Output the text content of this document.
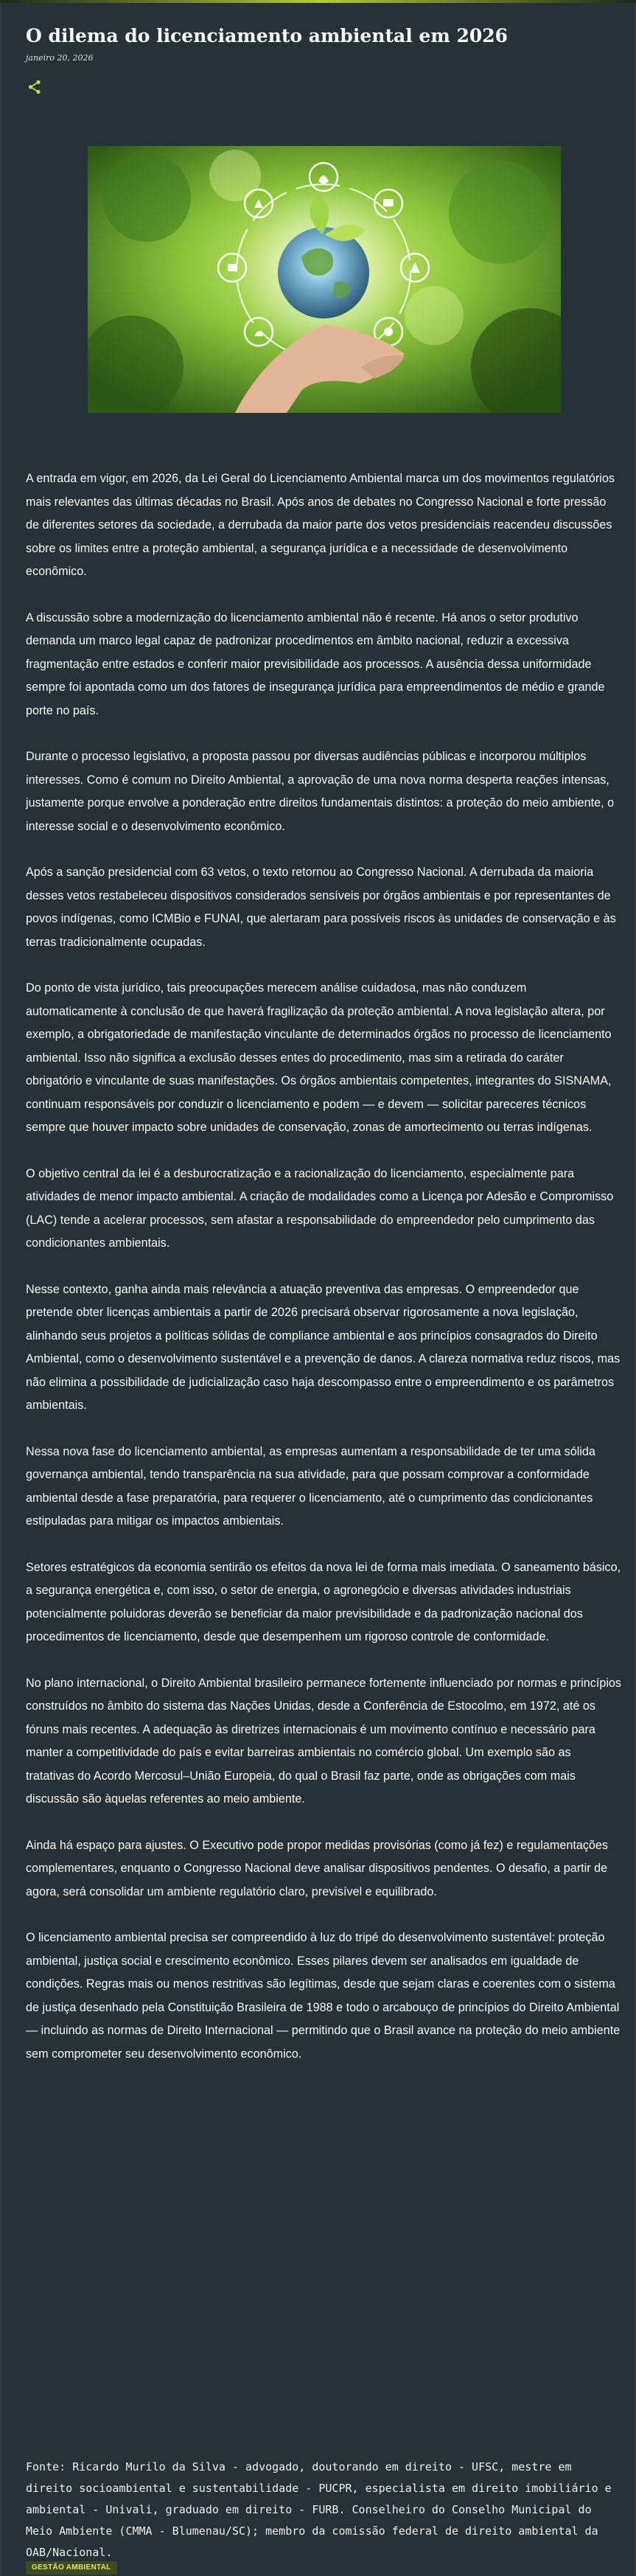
O dilema do licenciamento ambiental em 2026
janeiro 20, 2026

A entrada em vigor, em 2026, da Lei Geral do Licenciamento Ambiental marca um dos movimentos regulatórios mais relevantes das últimas décadas no Brasil. Após anos de debates no Congresso Nacional e forte pressão de diferentes setores da sociedade, a derrubada da maior parte dos vetos presidenciais reacendeu discussões sobre os limites entre a proteção ambiental, a segurança jurídica e a necessidade de desenvolvimento econômico.

A discussão sobre a modernização do licenciamento ambiental não é recente. Há anos o setor produtivo demanda um marco legal capaz de padronizar procedimentos em âmbito nacional, reduzir a excessiva fragmentação entre estados e conferir maior previsibilidade aos processos. A ausência dessa uniformidade sempre foi apontada como um dos fatores de insegurança jurídica para empreendimentos de médio e grande porte no país.

Durante o processo legislativo, a proposta passou por diversas audiências públicas e incorporou múltiplos interesses. Como é comum no Direito Ambiental, a aprovação de uma nova norma desperta reações intensas, justamente porque envolve a ponderação entre direitos fundamentais distintos: a proteção do meio ambiente, o interesse social e o desenvolvimento econômico.

Após a sanção presidencial com 63 vetos, o texto retornou ao Congresso Nacional. A derrubada da maioria desses vetos restabeleceu dispositivos considerados sensíveis por órgãos ambientais e por representantes de povos indígenas, como ICMBio e FUNAI, que alertaram para possíveis riscos às unidades de conservação e às terras tradicionalmente ocupadas.

Do ponto de vista jurídico, tais preocupações merecem análise cuidadosa, mas não conduzem automaticamente à conclusão de que haverá fragilização da proteção ambiental. A nova legislação altera, por exemplo, a obrigatoriedade de manifestação vinculante de determinados órgãos no processo de licenciamento ambiental. Isso não significa a exclusão desses entes do procedimento, mas sim a retirada do caráter obrigatório e vinculante de suas manifestações. Os órgãos ambientais competentes, integrantes do SISNAMA, continuam responsáveis por conduzir o licenciamento e podem — e devem — solicitar pareceres técnicos sempre que houver impacto sobre unidades de conservação, zonas de amortecimento ou terras indígenas.

O objetivo central da lei é a desburocratização e a racionalização do licenciamento, especialmente para atividades de menor impacto ambiental. A criação de modalidades como a Licença por Adesão e Compromisso (LAC) tende a acelerar processos, sem afastar a responsabilidade do empreendedor pelo cumprimento das condicionantes ambientais.

Nesse contexto, ganha ainda mais relevância a atuação preventiva das empresas. O empreendedor que pretende obter licenças ambientais a partir de 2026 precisará observar rigorosamente a nova legislação, alinhando seus projetos a políticas sólidas de compliance ambiental e aos princípios consagrados do Direito Ambiental, como o desenvolvimento sustentável e a prevenção de danos. A clareza normativa reduz riscos, mas não elimina a possibilidade de judicialização caso haja descompasso entre o empreendimento e os parâmetros ambientais.

Nessa nova fase do licenciamento ambiental, as empresas aumentam a responsabilidade de ter uma sólida governança ambiental, tendo transparência na sua atividade, para que possam comprovar a conformidade ambiental desde a fase preparatória, para requerer o licenciamento, até o cumprimento das condicionantes estipuladas para mitigar os impactos ambientais.

Setores estratégicos da economia sentirão os efeitos da nova lei de forma mais imediata. O saneamento básico, a segurança energética e, com isso, o setor de energia, o agronegócio e diversas atividades industriais potencialmente poluidoras deverão se beneficiar da maior previsibilidade e da padronização nacional dos procedimentos de licenciamento, desde que desempenhem um rigoroso controle de conformidade.

No plano internacional, o Direito Ambiental brasileiro permanece fortemente influenciado por normas e princípios construídos no âmbito do sistema das Nações Unidas, desde a Conferência de Estocolmo, em 1972, até os fóruns mais recentes. A adequação às diretrizes internacionais é um movimento contínuo e necessário para manter a competitividade do país e evitar barreiras ambientais no comércio global. Um exemplo são as tratativas do Acordo Mercosul–União Europeia, do qual o Brasil faz parte, onde as obrigações com mais discussão são àquelas referentes ao meio ambiente.

Ainda há espaço para ajustes. O Executivo pode propor medidas provisórias (como já fez) e regulamentações complementares, enquanto o Congresso Nacional deve analisar dispositivos pendentes. O desafio, a partir de agora, será consolidar um ambiente regulatório claro, previsível e equilibrado.

O licenciamento ambiental precisa ser compreendido à luz do tripé do desenvolvimento sustentável: proteção ambiental, justiça social e crescimento econômico. Esses pilares devem ser analisados em igualdade de condições. Regras mais ou menos restritivas são legítimas, desde que sejam claras e coerentes com o sistema de justiça desenhado pela Constituição Brasileira de 1988 e todo o arcabouço de princípios do Direito Ambiental — incluindo as normas de Direito Internacional — permitindo que o Brasil avance na proteção do meio ambiente sem comprometer seu desenvolvimento econômico.

Fonte: Ricardo Murilo da Silva - advogado, doutorando em direito - UFSC, mestre em direito socioambiental e sustentabilidade - PUCPR, especialista em direito imobiliário e ambiental - Univali, graduado em direito - FURB. Conselheiro do Conselho Municipal do Meio Ambiente (CMMA - Blumenau/SC); membro da comissão federal de direito ambiental da OAB/Nacional.

GESTÃO AMBIENTAL
